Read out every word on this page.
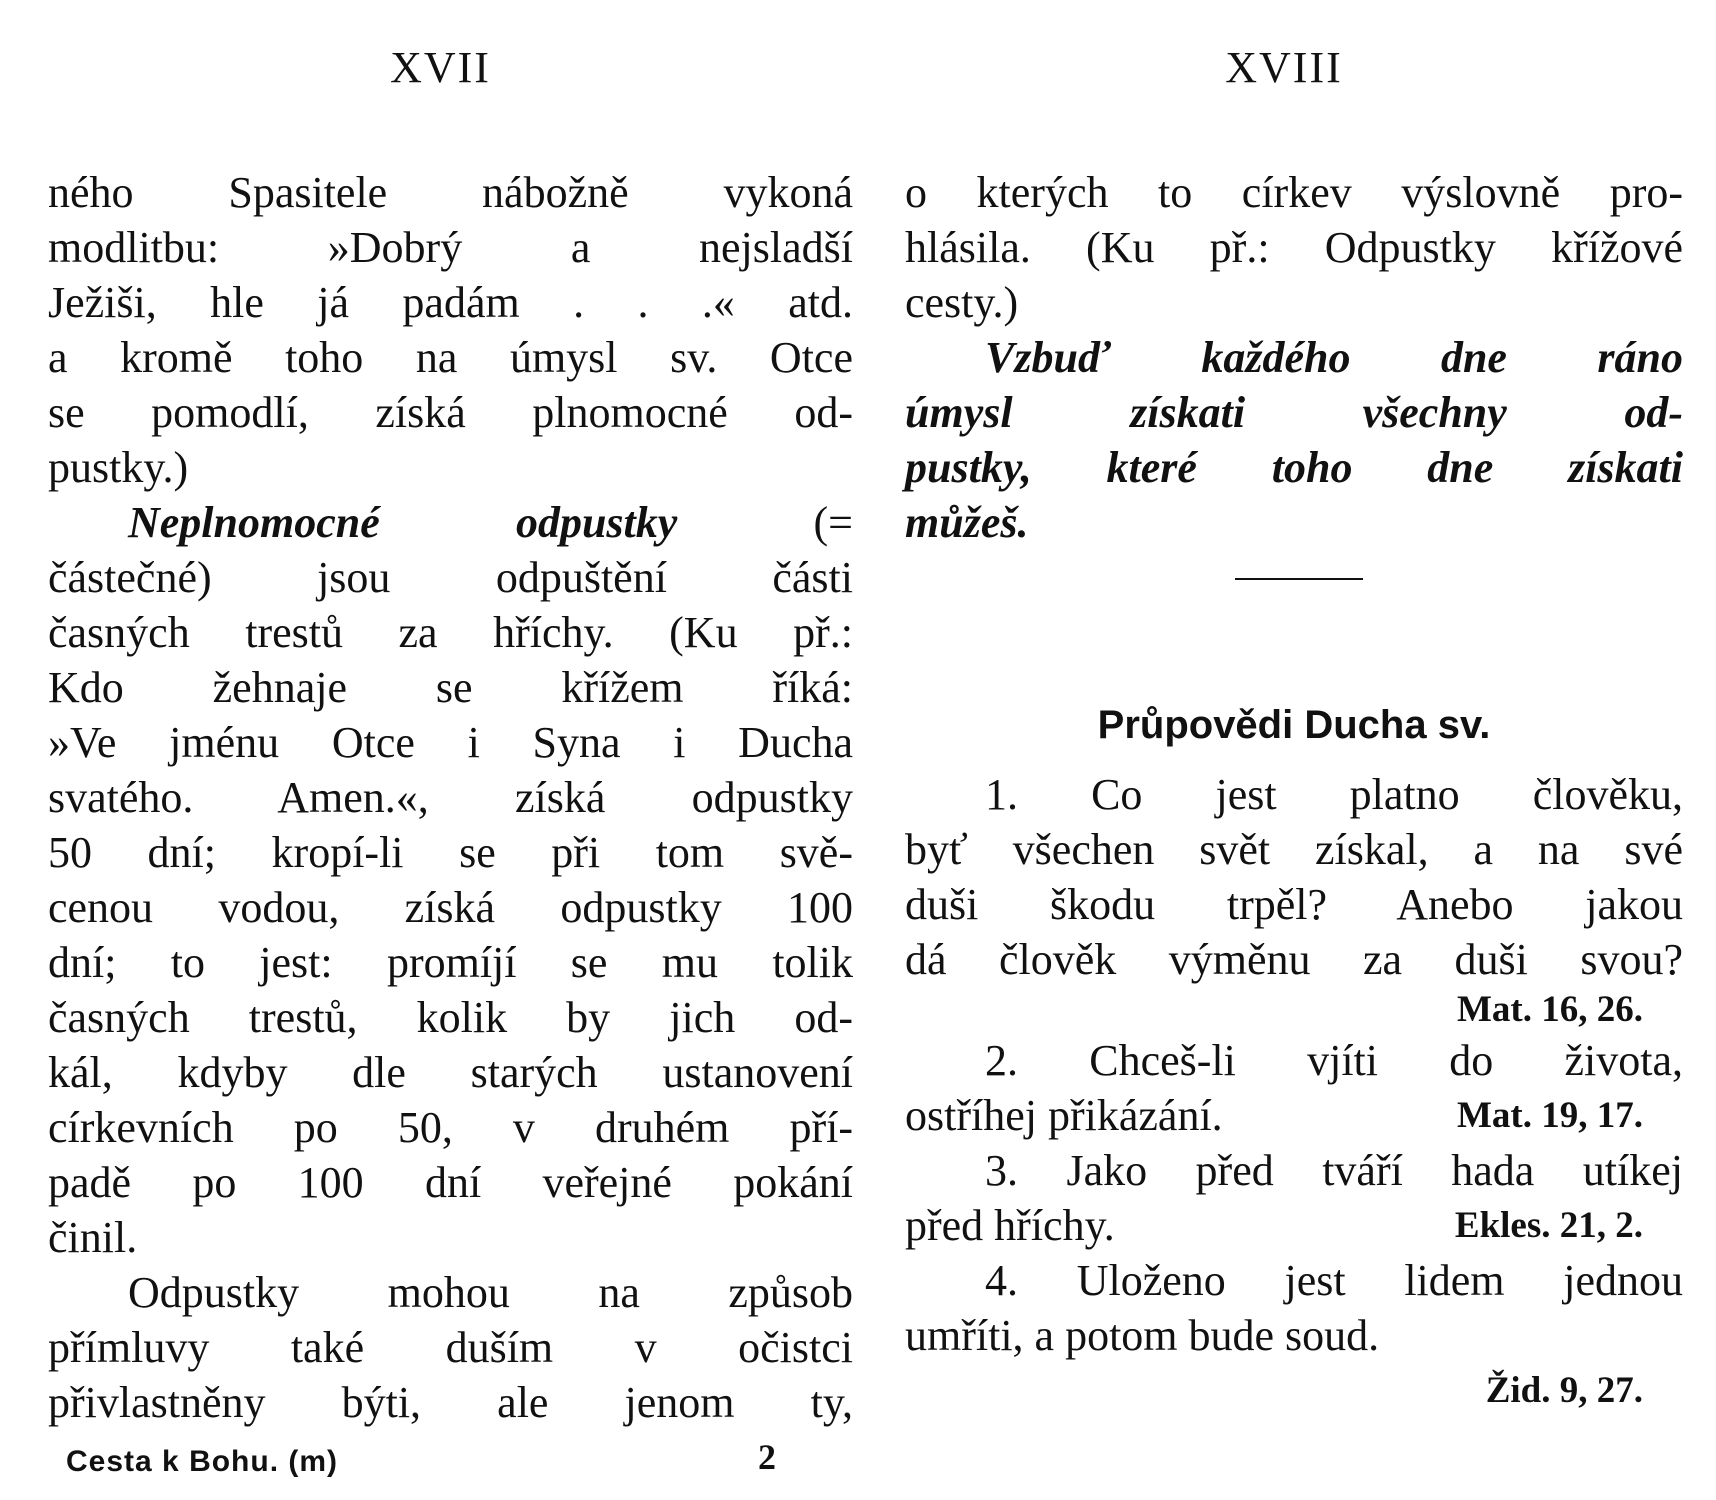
XVII
ného Spasitele nábožně vykoná
modlitbu: »Dobrý a nejsladší
Ježiši, hle já padám . . .« atd.
a kromě toho na úmysl sv. Otce
se pomodlí, získá plnomocné od-
pustky.)
Neplnomocné odpustky	(=
částečné) jsou odpuštění části
časných trestů za hříchy. (Ku př.:
Kdo žehnaje se křížem říká:
»Ve jménu Otce i Syna i Ducha
svatého. Amen.«, získá odpustky
50 dní; kropí-li se při tom svě-
cenou vodou, získá odpustky 100
dní; to jest: promíjí se mu tolik
časných trestů, kolik by jich od-
kál, kdyby dle starých ustanovení
církevních po 50, v druhém pří-
padě po 100 dní veřejné pokání
činil.
Odpustky mohou na způsob
přímluvy také duším v očistci
přivlastněny býti, ale jenom ty,
Cesta k Bohu. (m)	2
XVIII
o kterých to církev výslovně pro-
hlásila. (Ku př.: Odpustky křížové
cesty.)
Vzbuď každého dne ráno
úmysl získati všechny od-
pustky, které toho dne získati
můžeš.
Průpovědi Ducha sv.
1. Co jest platno člověku,
byť všechen svět získal, a na své
duši škodu trpěl? Anebo jakou
dá člověk výměnu za duši svou?
Mat. 16, 26.
2. Chceš-li vjíti do života,
ostříhej přikázání.	Mat. 19, 17.
3. Jako před tváří hada utíkej
před hříchy.	Ekles. 21, 2.
4. Uloženo jest lidem jednou
umříti, a potom bude soud.
Žid. 9, 27.
